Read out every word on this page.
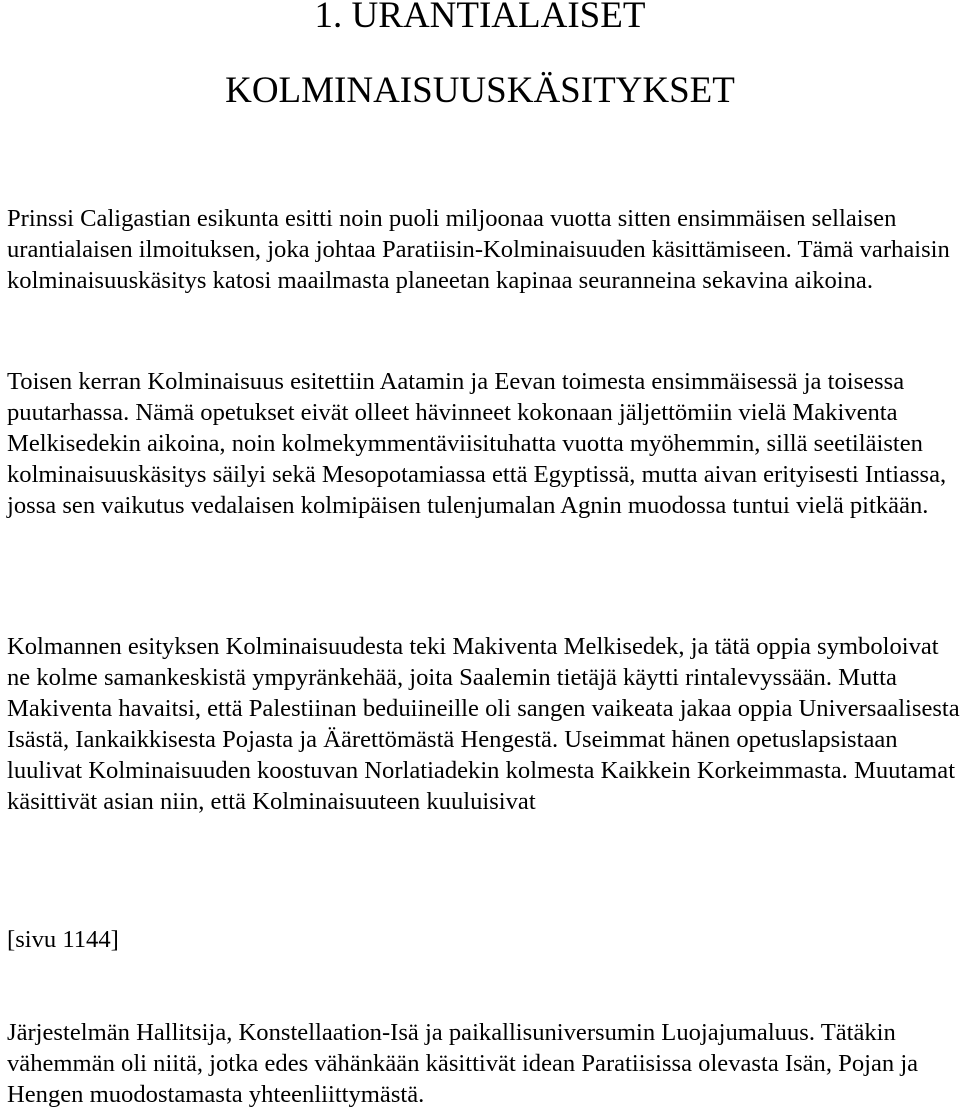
1. URANTIALAISET
KOLMINAISUUSKÄSITYKSET

Prinssi Caligastian esikunta esitti noin puoli miljoonaa vuotta sitten ensimmäisen sellaisen urantialaisen ilmoituksen, joka johtaa Paratiisin-Kolminaisuuden käsittämiseen. Tämä varhaisin kolminaisuuskäsitys katosi maailmasta planeetan kapinaa seuranneina sekavina aikoina.

Toisen kerran Kolminaisuus esitettiin Aatamin ja Eevan toimesta ensimmäisessä ja toisessa puutarhassa. Nämä opetukset eivät olleet hävinneet kokonaan jäljettömiin vielä Makiventa Melkisedekin aikoina, noin kolmekymmentäviisituhatta vuotta myöhemmin, sillä seetiläisten kolminaisuuskäsitys säilyi sekä Mesopotamiassa että Egyptissä, mutta aivan erityisesti Intiassa, jossa sen vaikutus vedalaisen kolmipäisen tulenjumalan Agnin muodossa tuntui vielä pitkään.

Kolmannen esityksen Kolminaisuudesta teki Makiventa Melkisedek, ja tätä oppia symboloivat ne kolme samankeskistä ympyränkehää, joita Saalemin tietäjä käytti rintalevyssään. Mutta Makiventa havaitsi, että Palestiinan beduiineille oli sangen vaikeata jakaa oppia Universaalisesta Isästä, Iankaikkisesta Pojasta ja Äärettömästä Hengestä. Useimmat hänen opetuslapsistaan luulivat Kolminaisuuden koostuvan Norlatiadekin kolmesta Kaikkein Korkeimmasta. Muutamat käsittivät asian niin, että Kolminaisuuteen kuuluisivat

[sivu 1144]

Järjestelmän Hallitsija, Konstellaation-Isä ja paikallisuniversumin Luojajumaluus. Tätäkin vähemmän oli niitä, jotka edes vähänkään käsittivät idean Paratiisissa olevasta Isän, Pojan ja Hengen muodostamasta yhteenliittymästä.
